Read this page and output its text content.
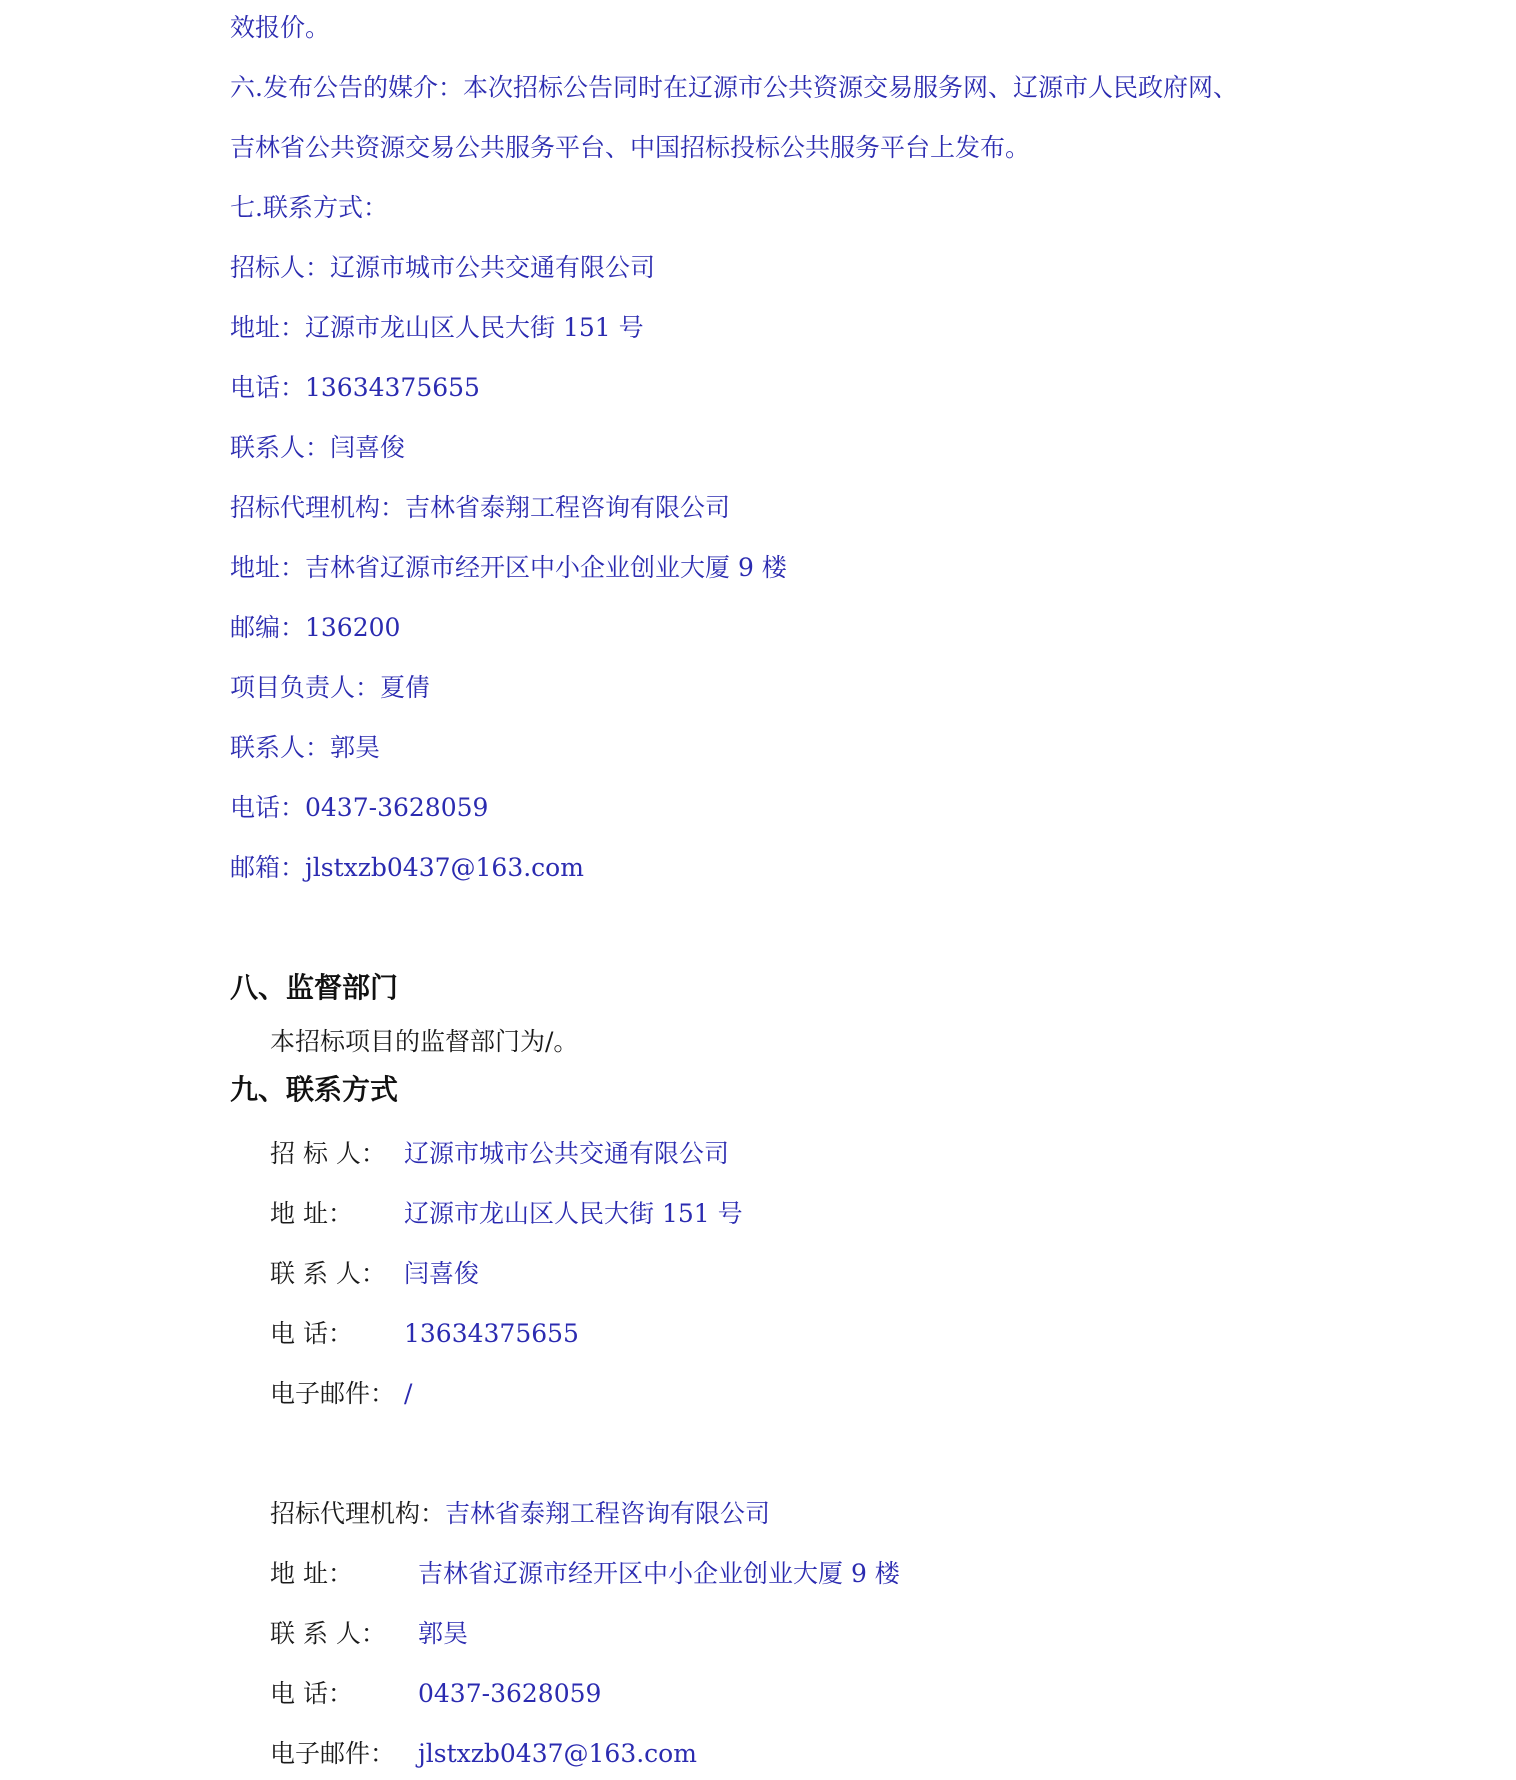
效报价。
六.发布公告的媒介：本次招标公告同时在辽源市公共资源交易服务网、辽源市人民政府网、
吉林省公共资源交易公共服务平台、中国招标投标公共服务平台上发布。
七.联系方式：
招标人：辽源市城市公共交通有限公司
地址：辽源市龙山区人民大街 151 号
电话：13634375655
联系人：闫喜俊
招标代理机构：吉林省泰翔工程咨询有限公司
地址：吉林省辽源市经开区中小企业创业大厦 9 楼
邮编：136200
项目负责人：夏倩
联系人：郭昊
电话：0437-3628059
邮箱：jlstxzb0437@163.com
八、监督部门
本招标项目的监督部门为/。
九、联系方式
招 标 人： 辽源市城市公共交通有限公司
地 址： 辽源市龙山区人民大街 151 号
联 系 人： 闫喜俊
电 话： 13634375655
电子邮件： /
招标代理机构：吉林省泰翔工程咨询有限公司
地 址：	吉林省辽源市经开区中小企业创业大厦 9 楼
联 系 人： 郭昊
电 话：	0437-3628059
电子邮件： jlstxzb0437@163.com
